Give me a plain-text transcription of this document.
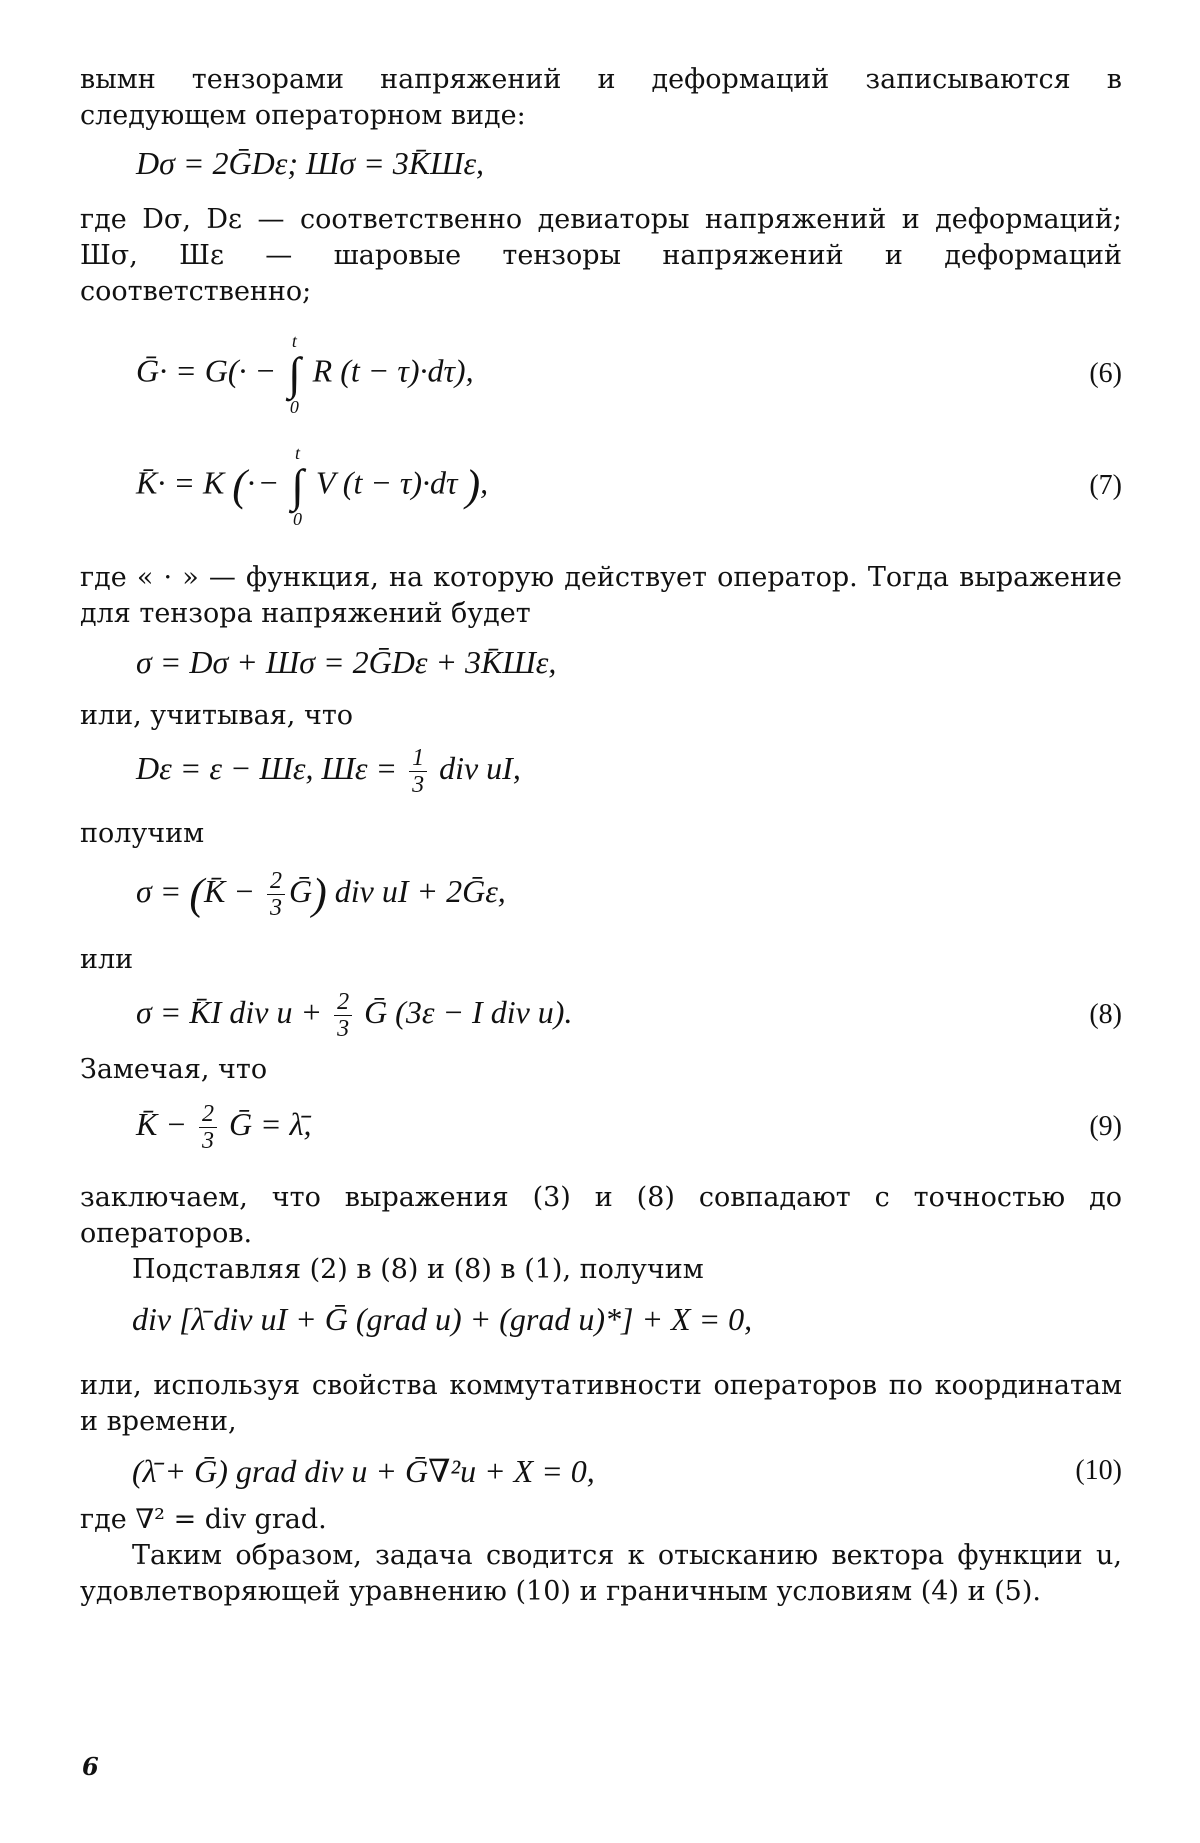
вымн тензорами напряжений и деформаций записываются в следующем операторном виде:

Dσ = 2ḠDε; Шσ = 3K̄Шε,

где Dσ, Dε — соответственно девиаторы напряжений и деформаций; Шσ, Шε — шаровые тензоры напряжений и деформаций соответственно;

Ḡ· = G(· −
t
∫
0
R (t − τ)·dτ),	(6)
K̄· = K (· −
t
∫
0
V (t − τ)·dτ ),	(7)

где « · » — функция, на которую действует оператор. Тогда выражение для тензора напряжений будет

σ = Dσ + Шσ = 2ḠDε + 3K̄Шε,

или, учитывая, что

Dε = ε − Шε, $Ш\varepsilon = \frac{1}{3}$ div uI,

получим

σ = (K̄ − $\frac{2}{3}$ Ḡ) div uI + 2Ḡε,

или

σ = K̄I div $u + \frac{2}{3}$ Ḡ (3ε − I div u).	(8)

Замечая, что

K̄ − $\frac{2}{3}$ Ḡ = λ̄,	(9)

заключаем, что выражения (3) и (8) совпадают с точностью до операторов.

Подставляя (2) в (8) и (8) в (1), получим

div [λ̄ div uI + Ḡ (grad u) + (grad u)*] + X = 0,

или, используя свойства коммутативности операторов по координатам и времени,

(λ̄ + Ḡ) grad div u + Ḡ∇²u + X = 0,	(10)

где ∇² = div grad.

Таким образом, задача сводится к отысканию вектора функции u, удовлетворяющей уравнению (10) и граничным условиям (4) и (5).

6
